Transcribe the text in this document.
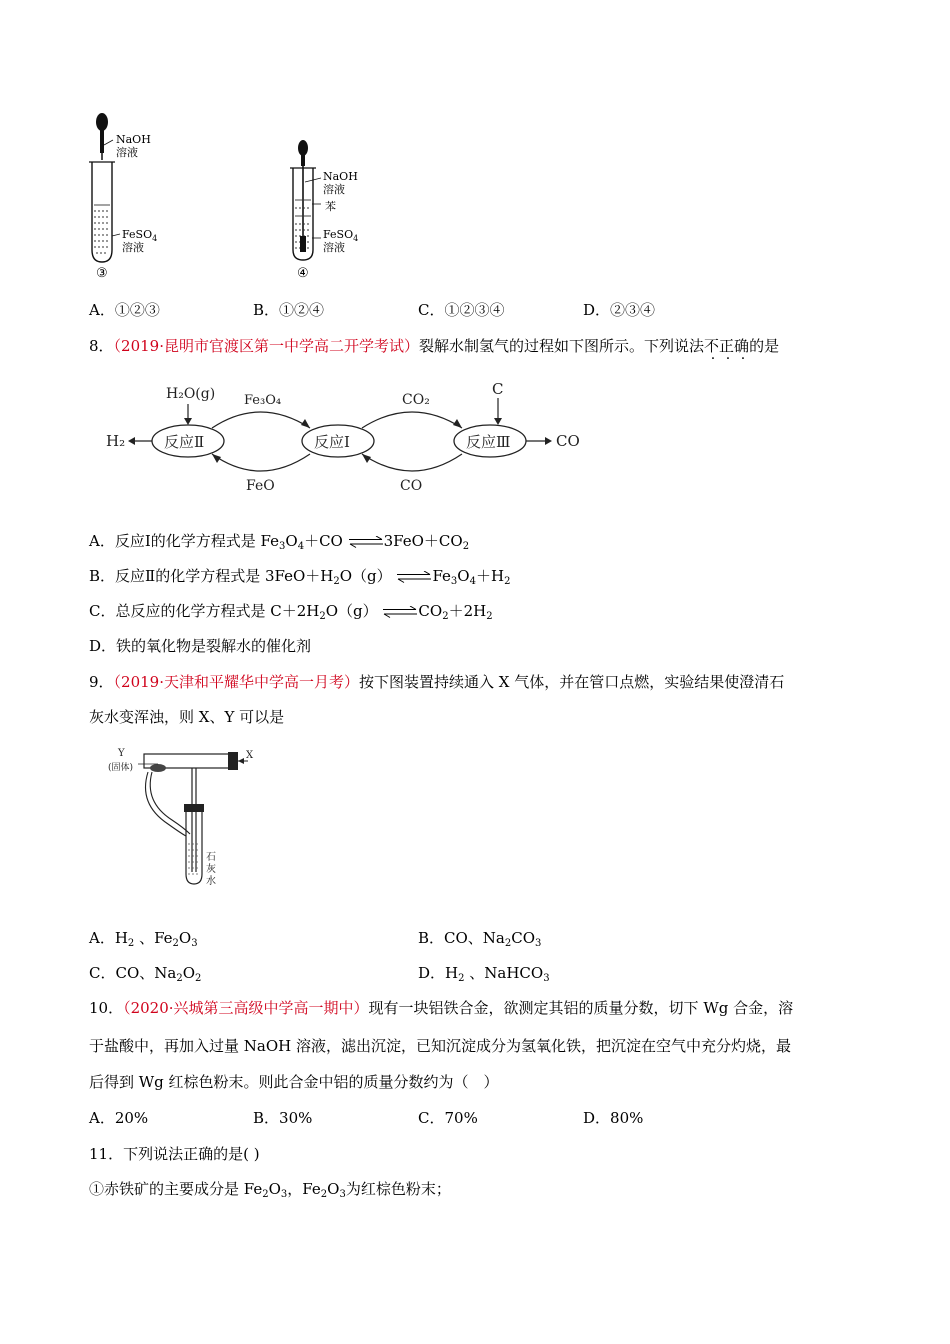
NaOH
溶液
FeSO$_4$
溶液
③
NaOH
溶液
苯
FeSO$_4$
溶液
④
A．①②③	B．①②④	C．①②③④	D．②③④
8．（2019·昆明市官渡区第一中学高二开学考试）裂解水制氢气的过程如下图所示。下列说法不正确的是
H₂O(g) Fe₃O₄	CO₂
C
H₂	反应Ⅱ	反应Ⅰ	反应Ⅲ	CO
FeO	CO
A．反应Ⅰ的化学方程式是 $Fe_3O_4+CO$ $\rightleftharpoons 3FeO+CO_2$
B．反应Ⅱ的化学方程式是 $3FeO+H_2O(g)$ $\rightleftharpoons Fe_3O_4+H_2$
C．总反应的化学方程式是 $C+2H_2O(g)$ $\rightleftharpoons CO_2+2H_2$
D．铁的氧化物是裂解水的催化剂
9．（2019·天津和平耀华中学高一月考）按下图装置持续通入 X 气体，并在管口点燃，实验结果使澄清石
灰水变浑浊，则 X、Y 可以是
Y
(固体)
X
石
灰
水
A．$H_2$ 、$Fe_2O_3$	B．CO、$Na_2CO_3$
C．CO、$Na_2O_2$	D．$H_2$ 、NaHCO$_3$
10．（2020·兴城第三高级中学高一期中）现有一块铝铁合金，欲测定其铝的质量分数，切下 Wg 合金，溶
于盐酸中，再加入过量 NaOH 溶液，滤出沉淀，已知沉淀成分为氢氧化铁，把沉淀在空气中充分灼烧，最
后得到 Wg 红棕色粉末。则此合金中铝的质量分数约为（　）
A．20%	B．30%	C．70%	D．80%
11．下列说法正确的是( )
①赤铁矿的主要成分是 $Fe_2O_3$，$Fe_2O_3$为红棕色粉末；
